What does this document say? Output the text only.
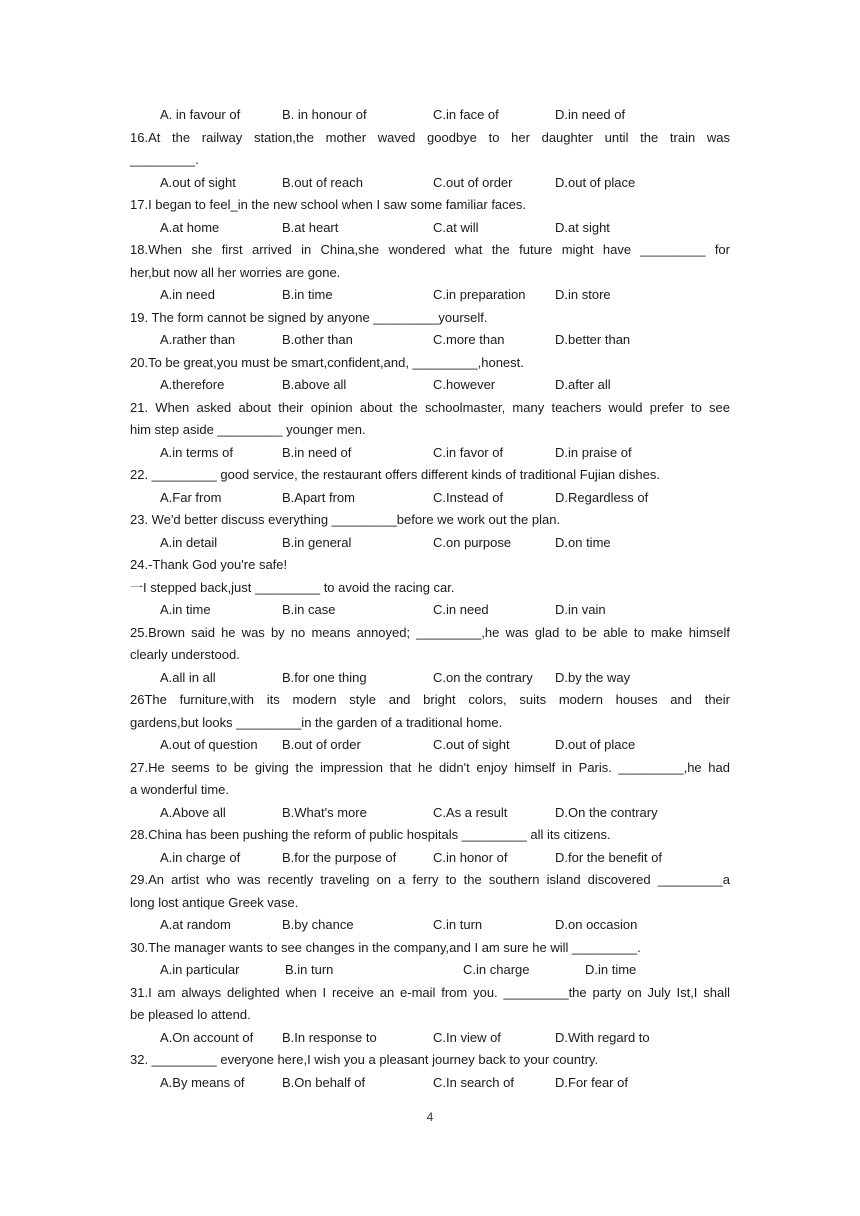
A. in favour of	B. in honour of	C.in face of	D.in need of
16.At the railway station,the mother waved goodbye to her daughter until the train was
_________.
A.out of sight	B.out of reach	C.out of order	D.out of place
17.I began to feel_in the new school when I saw some familiar faces.
A.at home	B.at heart	C.at will	D.at sight
18.When she first arrived in China,she wondered what the future might have _________ for
her,but now all her worries are gone.
A.in need	B.in time	C.in preparation D.in store
19. The form cannot be signed by anyone _________yourself.
A.rather than	B.other than	C.more than	D.better than
20.To be great,you must be smart,confident,and, _________,honest.
A.therefore	B.above all	C.however	D.after all
21. When asked about their opinion about the schoolmaster, many teachers would prefer to see
him step aside _________ younger men.
A.in terms of	B.in need of	C.in favor of	D.in praise of
22. _________ good service, the restaurant offers different kinds of traditional Fujian dishes.
A.Far from	B.Apart from	C.Instead of	D.Regardless of
23. We'd better discuss everything _________before we work out the plan.
A.in detail	B.in general	C.on purpose	D.on time
24.-Thank God you're safe!
一I stepped back,just _________ to avoid the racing car.
A.in time	B.in case	C.in need	D.in vain
25.Brown said he was by no means annoyed; _________,he was glad to be able to make himself
clearly understood.
A.all in all	B.for one thing	C.on the contrary D.by the way
26The furniture,with its modern style and bright colors, suits modern houses and their
gardens,but looks _________in the garden of a traditional home.
A.out of question B.out of order	C.out of sight	D.out of place
27.He seems to be giving the impression that he didn't enjoy himself in Paris. _________,he had
a wonderful time.
A.Above all	B.What's more	C.As a result	D.On the contrary
28.China has been pushing the reform of public hospitals _________ all its citizens.
A.in charge of	B.for the purpose of	C.in honor of	D.for the benefit of
29.An artist who was recently traveling on a ferry to the southern island discovered _________a
long lost antique Greek vase.
A.at random	B.by chance	C.in turn	D.on occasion
30.The manager wants to see changes in the company,and I am sure he will _________.
A.in particular	B.in turn	C.in charge	D.in time
31.I am always delighted when I receive an e-mail from you. _________the party on July Ist,I shall
be pleased lo attend.
A.On account of B.In response to	C.In view of	D.With regard to
32. _________ everyone here,I wish you a pleasant journey back to your country.
A.By means of	B.On behalf of	C.In search of	D.For fear of
4
